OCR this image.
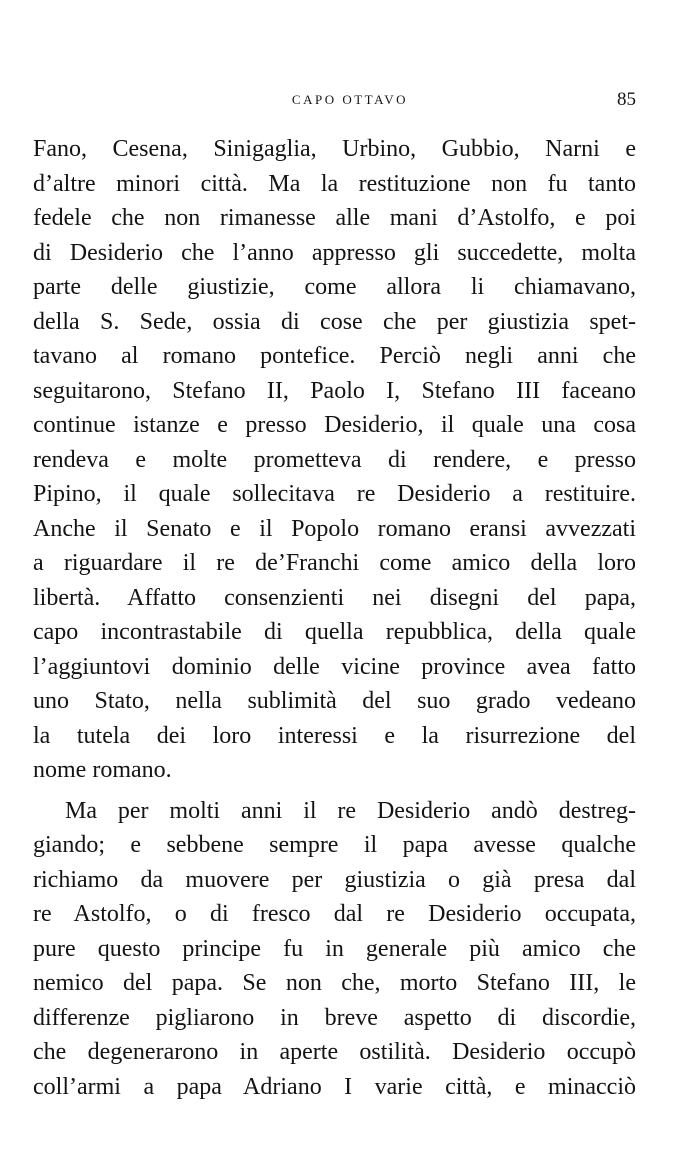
CAPO OTTAVO	85
Fano, Cesena, Sinigaglia, Urbino, Gubbio, Narni e
d’altre minori città. Ma la restituzione non fu tanto
fedele che non rimanesse alle mani d’Astolfo, e poi
di Desiderio che l’anno appresso gli succedette, molta
parte delle giustizie, come allora li chiamavano,
della S. Sede, ossia di cose che per giustizia spet-
tavano al romano pontefice. Perciò negli anni che
seguitarono, Stefano II, Paolo I, Stefano III faceano
continue istanze e presso Desiderio, il quale una cosa
rendeva e molte prometteva di rendere, e presso
Pipino, il quale sollecitava re Desiderio a restituire.
Anche il Senato e il Popolo romano eransi avvezzati
a riguardare il re de’Franchi come amico della loro
libertà. Affatto consenzienti nei disegni del papa,
capo incontrastabile di quella repubblica, della quale
l’aggiuntovi dominio delle vicine province avea fatto
uno Stato, nella sublimità del suo grado vedeano
la tutela dei loro interessi e la risurrezione del
nome romano.
Ma per molti anni il re Desiderio andò destreg-
giando; e sebbene sempre il papa avesse qualche
richiamo da muovere per giustizia o già presa dal
re Astolfo, o di fresco dal re Desiderio occupata,
pure questo principe fu in generale più amico che
nemico del papa. Se non che, morto Stefano III, le
differenze pigliarono in breve aspetto di discordie,
che degenerarono in aperte ostilità. Desiderio occupò
coll’armi a papa Adriano I varie città, e minacciò
